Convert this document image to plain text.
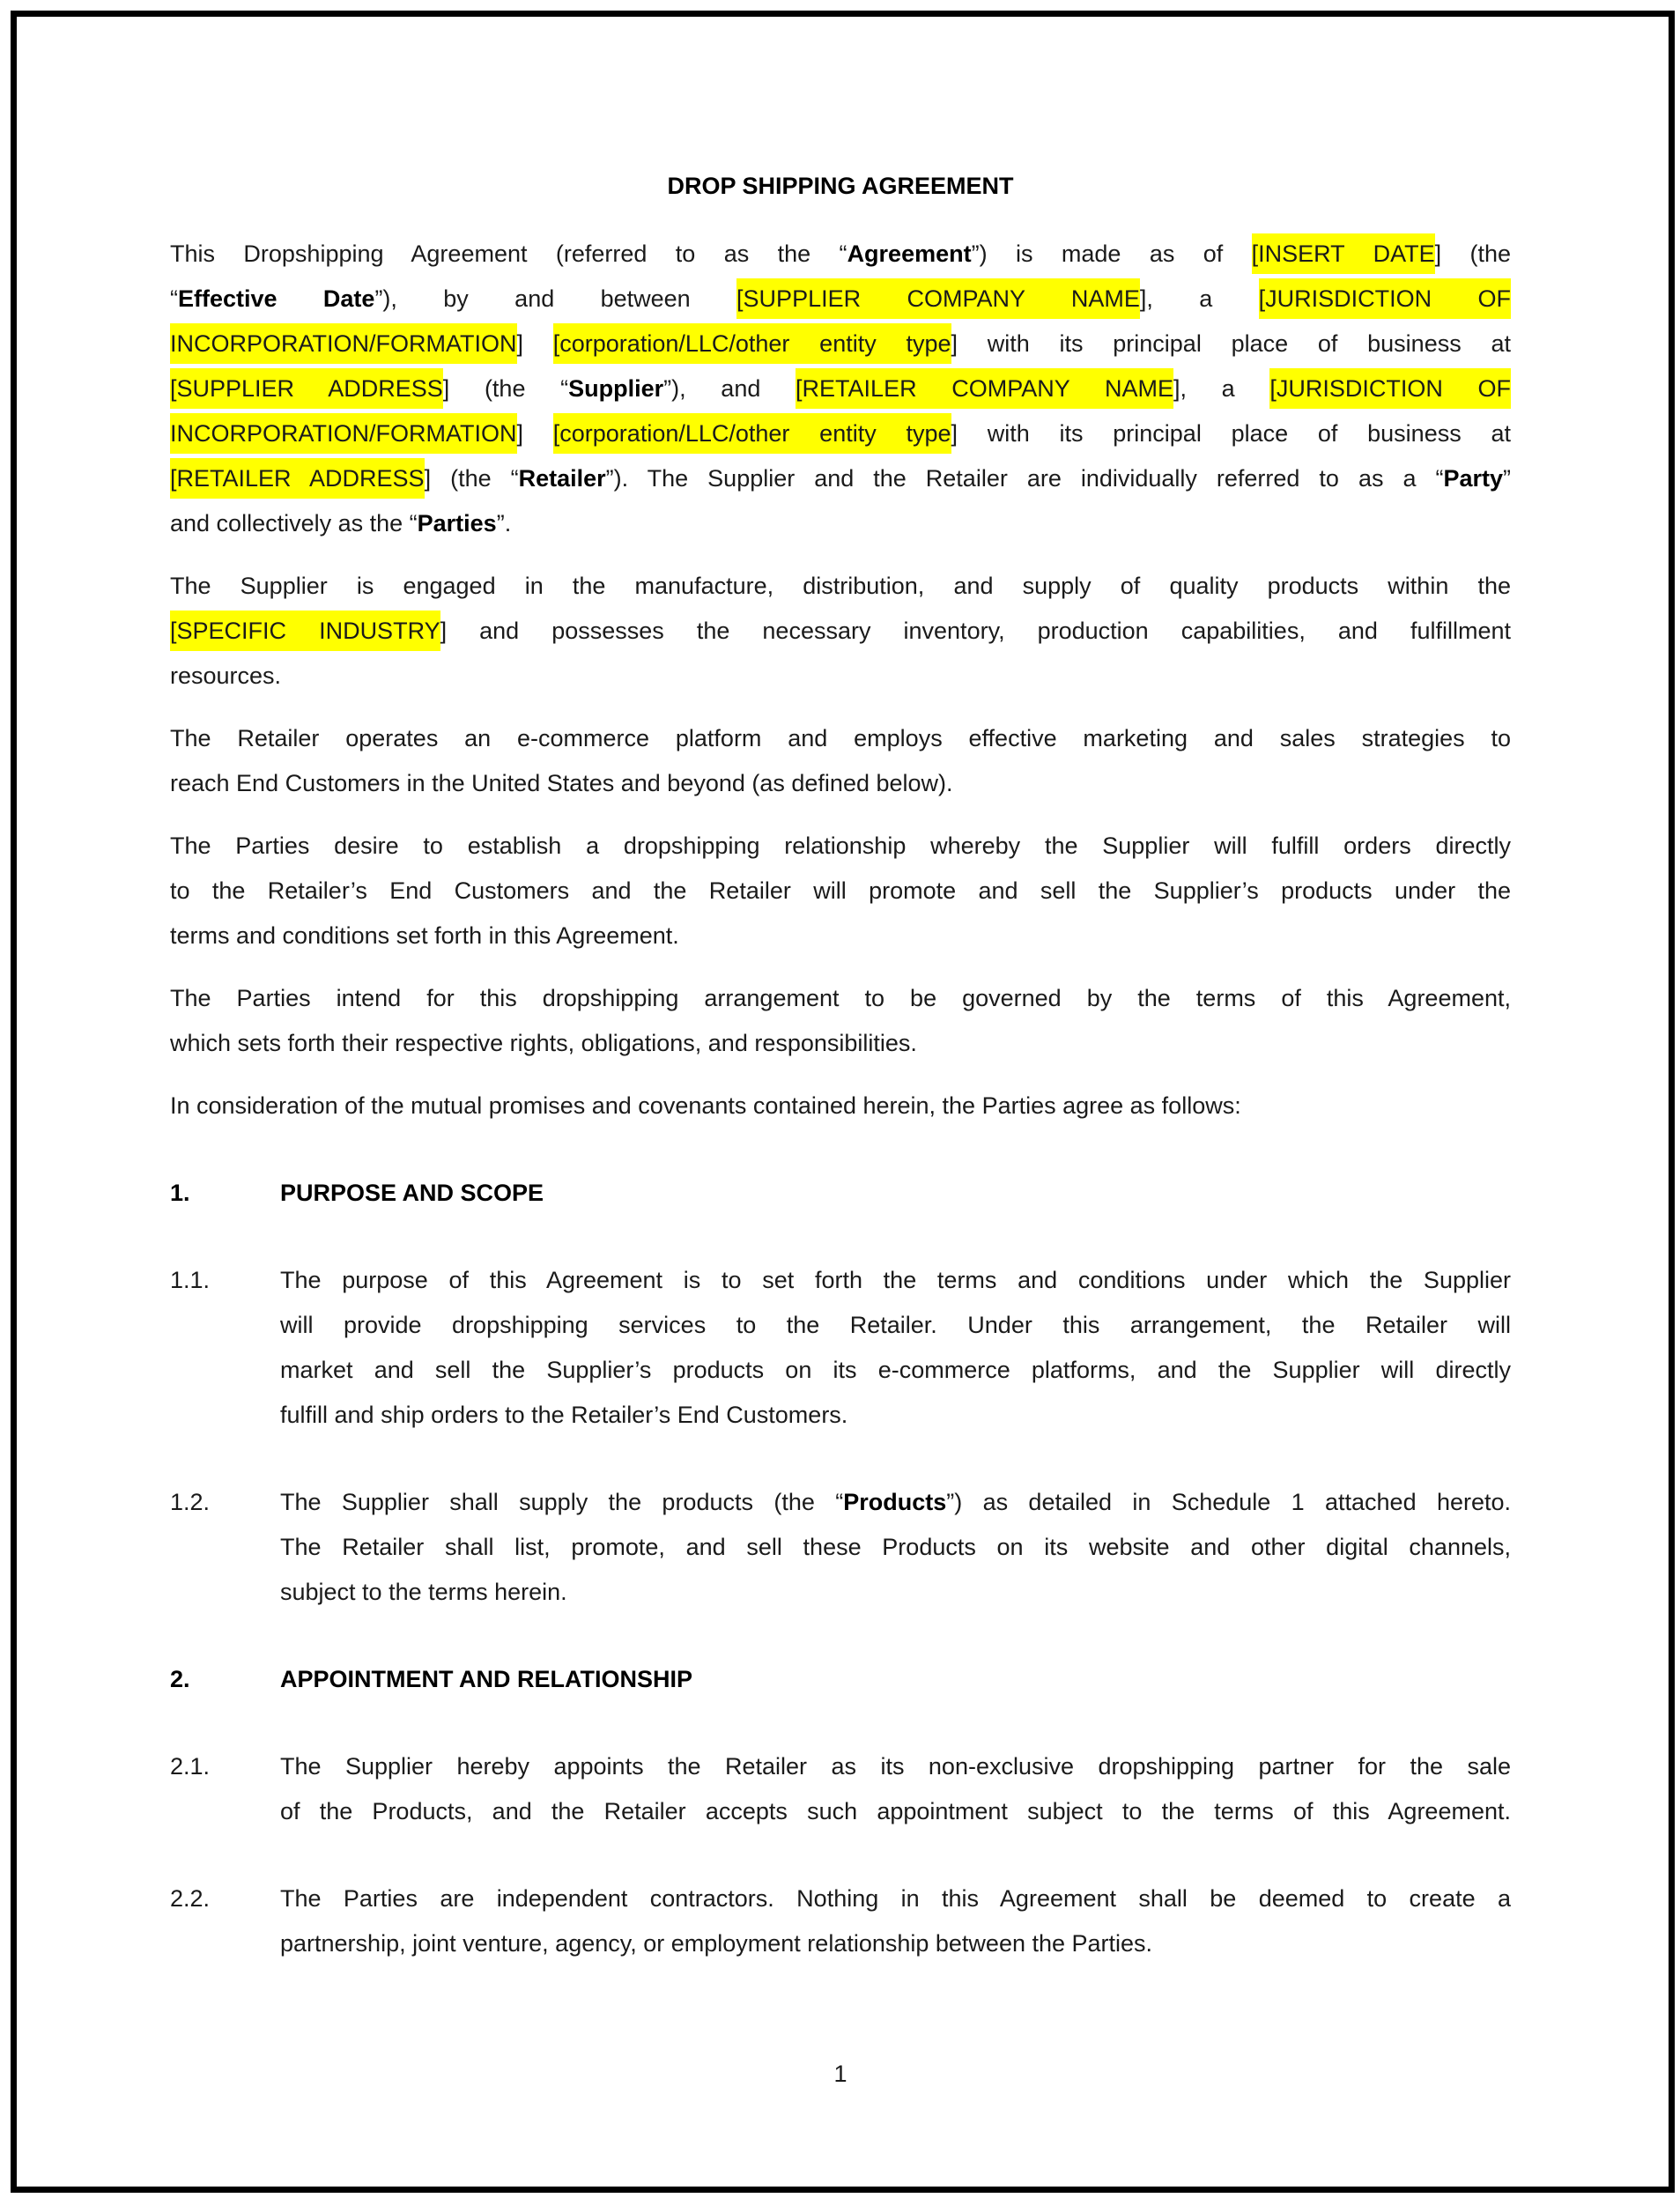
DROP SHIPPING AGREEMENT
This Dropshipping Agreement (referred to as the “Agreement”) is made as of [INSERT DATE] (the
“Effective Date”), by and between [SUPPLIER COMPANY NAME], a [JURISDICTION OF
INCORPORATION/FORMATION] [corporation/LLC/other entity type] with its principal place of business at
[SUPPLIER ADDRESS] (the “Supplier”), and [RETAILER COMPANY NAME], a [JURISDICTION OF
INCORPORATION/FORMATION] [corporation/LLC/other entity type] with its principal place of business at
[RETAILER ADDRESS] (the “Retailer”). The Supplier and the Retailer are individually referred to as a “Party”
and collectively as the “Parties”.
The Supplier is engaged in the manufacture, distribution, and supply of quality products within the
[SPECIFIC INDUSTRY] and possesses the necessary inventory, production capabilities, and fulfillment
resources.
The Retailer operates an e-commerce platform and employs effective marketing and sales strategies to
reach End Customers in the United States and beyond (as defined below).
The Parties desire to establish a dropshipping relationship whereby the Supplier will fulfill orders directly
to the Retailer’s End Customers and the Retailer will promote and sell the Supplier’s products under the
terms and conditions set forth in this Agreement.
The Parties intend for this dropshipping arrangement to be governed by the terms of this Agreement,
which sets forth their respective rights, obligations, and responsibilities.
In consideration of the mutual promises and covenants contained herein, the Parties agree as follows:
1.	PURPOSE AND SCOPE
1.1.	The purpose of this Agreement is to set forth the terms and conditions under which the Supplier
will provide dropshipping services to the Retailer. Under this arrangement, the Retailer will
market and sell the Supplier’s products on its e-commerce platforms, and the Supplier will directly
fulfill and ship orders to the Retailer’s End Customers.
1.2.	The Supplier shall supply the products (the “Products”) as detailed in Schedule 1 attached hereto.
The Retailer shall list, promote, and sell these Products on its website and other digital channels,
subject to the terms herein.
2.	APPOINTMENT AND RELATIONSHIP
2.1.	The Supplier hereby appoints the Retailer as its non-exclusive dropshipping partner for the sale
of the Products, and the Retailer accepts such appointment subject to the terms of this Agreement.
2.2.	The Parties are independent contractors. Nothing in this Agreement shall be deemed to create a
partnership, joint venture, agency, or employment relationship between the Parties.
1
